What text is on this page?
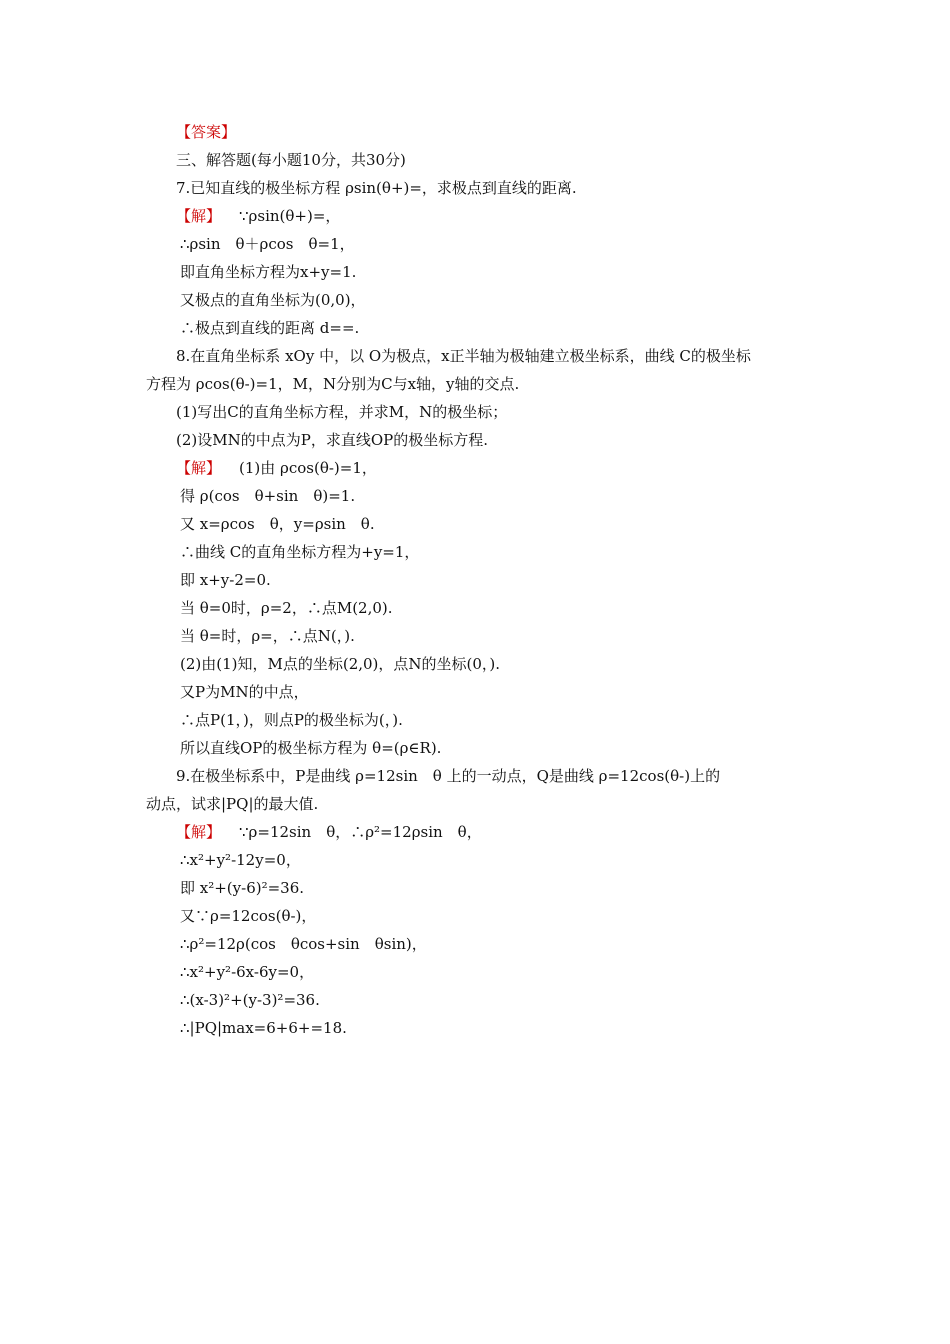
【答案】
三、解答题(每小题10分，共30分)
7.已知直线的极坐标方程 ρsin(θ+)=，求极点到直线的距离.
【解】 ∵ρsin(θ+)=，
∴ρsin　θ＋ρcos　θ=1，
即直角坐标方程为x+y=1.
又极点的直角坐标为(0,0)，
∴极点到直线的距离 d==.
8.在直角坐标系 xOy 中，以 O为极点，x正半轴为极轴建立极坐标系，曲线 C的极坐标
方程为 ρcos(θ-)=1，M，N分别为C与x轴，y轴的交点.
(1)写出C的直角坐标方程，并求M，N的极坐标；
(2)设MN的中点为P，求直线OP的极坐标方程.
【解】 (1)由 ρcos(θ-)=1，
得 ρ(cos　θ+sin　θ)=1.
又 x=ρcos　θ，y=ρsin　θ.
∴曲线 C的直角坐标方程为+y=1，
即 x+y-2=0.
当 θ=0时，ρ=2，∴点M(2,0).
当 θ=时，ρ=，∴点N(，).
(2)由(1)知，M点的坐标(2,0)，点N的坐标(0，).
又P为MN的中点，
∴点P(1，)，则点P的极坐标为(，).
所以直线OP的极坐标方程为 θ=(ρ∈R).
9.在极坐标系中，P是曲线 ρ=12sin　θ 上的一动点，Q是曲线 ρ=12cos(θ-)上的
动点，试求|PQ|的最大值.
【解】 ∵ρ=12sin　θ，∴ρ²=12ρsin　θ，
∴x²+y²-12y=0，
即 x²+(y-6)²=36.
又∵ρ=12cos(θ-)，
∴ρ²=12ρ(cos　θcos+sin　θsin)，
∴x²+y²-6x-6y=0，
∴(x-3)²+(y-3)²=36.
∴|PQ|max=6+6+=18.
